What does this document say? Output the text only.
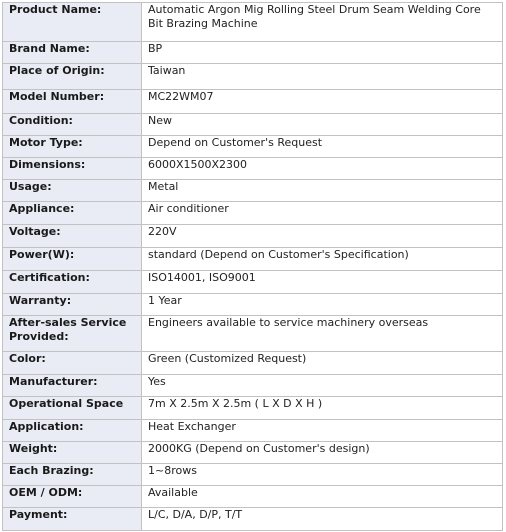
Product Name:	Automatic Argon Mig Rolling Steel Drum Seam Welding Core Bit Brazing Machine
Brand Name:	BP
Place of Origin:	Taiwan
Model Number:	MC22WM07
Condition:	New
Motor Type:	Depend on Customer's Request
Dimensions:	6000X1500X2300
Usage:	Metal
Appliance:	Air conditioner
Voltage:	220V
Power(W):	standard (Depend on Customer's Specification)
Certification:	ISO14001, ISO9001
Warranty:	1 Year
After-sales Service Provided:	Engineers available to service machinery overseas
Color:	Green (Customized Request)
Manufacturer:	Yes
Operational Space	7m X 2.5m X 2.5m ( L X D X H )
Application:	Heat Exchanger
Weight:	2000KG (Depend on Customer's design)
Each Brazing:	1~8rows
OEM / ODM:	Available
Payment:	L/C, D/A, D/P, T/T
